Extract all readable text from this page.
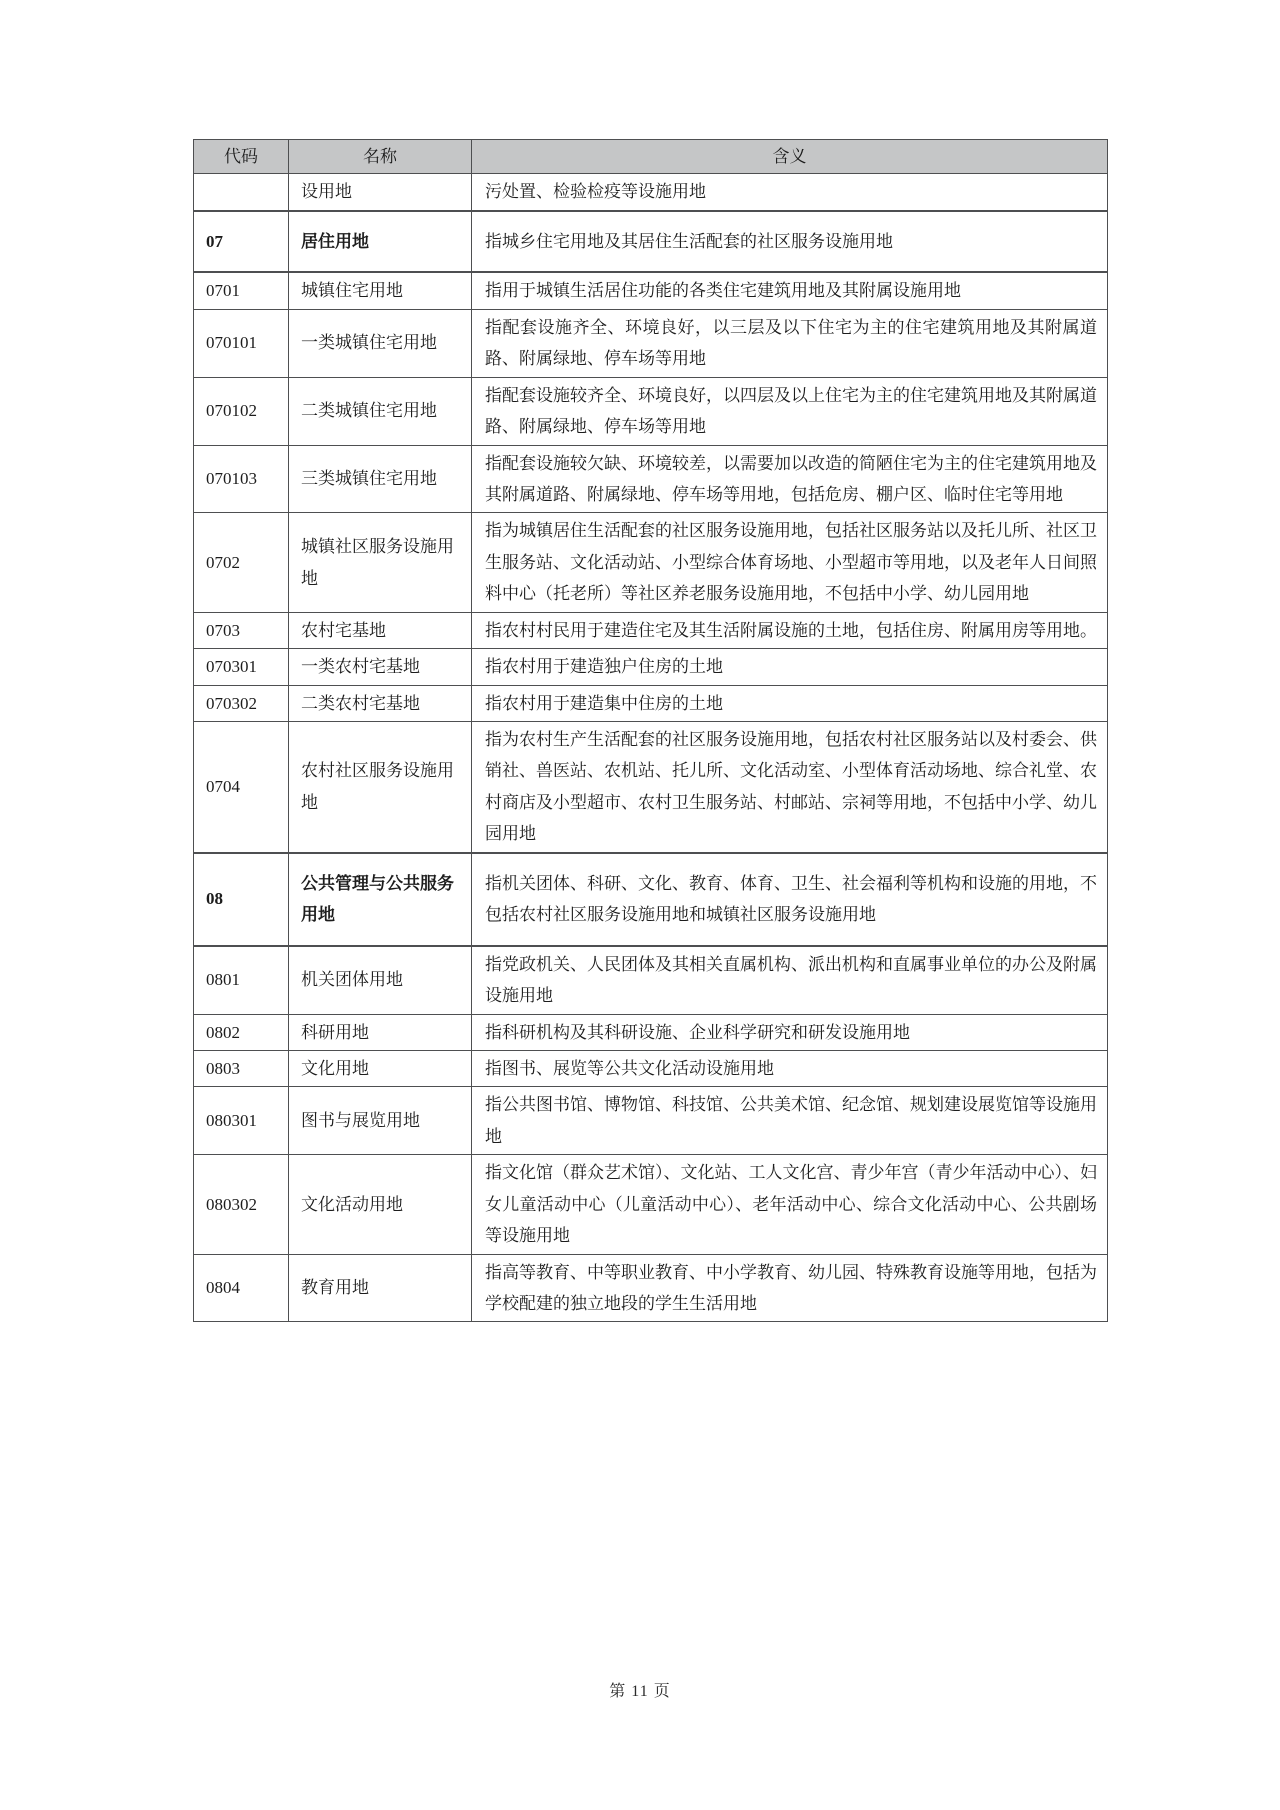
代码	名称	含义
	设用地	污处置、检验检疫等设施用地
07	居住用地	指城乡住宅用地及其居住生活配套的社区服务设施用地
0701	城镇住宅用地	指用于城镇生活居住功能的各类住宅建筑用地及其附属设施用地
070101	一类城镇住宅用地	指配套设施齐全、环境良好，以三层及以下住宅为主的住宅建筑用地及其附属道路、附属绿地、停车场等用地
070102	二类城镇住宅用地	指配套设施较齐全、环境良好，以四层及以上住宅为主的住宅建筑用地及其附属道路、附属绿地、停车场等用地
070103	三类城镇住宅用地	指配套设施较欠缺、环境较差，以需要加以改造的简陋住宅为主的住宅建筑用地及其附属道路、附属绿地、停车场等用地，包括危房、棚户区、临时住宅等用地
0702	城镇社区服务设施用地	指为城镇居住生活配套的社区服务设施用地，包括社区服务站以及托儿所、社区卫生服务站、文化活动站、小型综合体育场地、小型超市等用地，以及老年人日间照料中心（托老所）等社区养老服务设施用地，不包括中小学、幼儿园用地
0703	农村宅基地	指农村村民用于建造住宅及其生活附属设施的土地，包括住房、附属用房等用地。
070301	一类农村宅基地	指农村用于建造独户住房的土地
070302	二类农村宅基地	指农村用于建造集中住房的土地
0704	农村社区服务设施用地	指为农村生产生活配套的社区服务设施用地，包括农村社区服务站以及村委会、供销社、兽医站、农机站、托儿所、文化活动室、小型体育活动场地、综合礼堂、农村商店及小型超市、农村卫生服务站、村邮站、宗祠等用地，不包括中小学、幼儿园用地
08	公共管理与公共服务用地	指机关团体、科研、文化、教育、体育、卫生、社会福利等机构和设施的用地，不包括农村社区服务设施用地和城镇社区服务设施用地
0801	机关团体用地	指党政机关、人民团体及其相关直属机构、派出机构和直属事业单位的办公及附属设施用地
0802	科研用地	指科研机构及其科研设施、企业科学研究和研发设施用地
0803	文化用地	指图书、展览等公共文化活动设施用地
080301	图书与展览用地	指公共图书馆、博物馆、科技馆、公共美术馆、纪念馆、规划建设展览馆等设施用地
080302	文化活动用地	指文化馆（群众艺术馆）、文化站、工人文化宫、青少年宫（青少年活动中心）、妇女儿童活动中心（儿童活动中心）、老年活动中心、综合文化活动中心、公共剧场等设施用地
0804	教育用地	指高等教育、中等职业教育、中小学教育、幼儿园、特殊教育设施等用地，包括为学校配建的独立地段的学生生活用地
第 11 页
